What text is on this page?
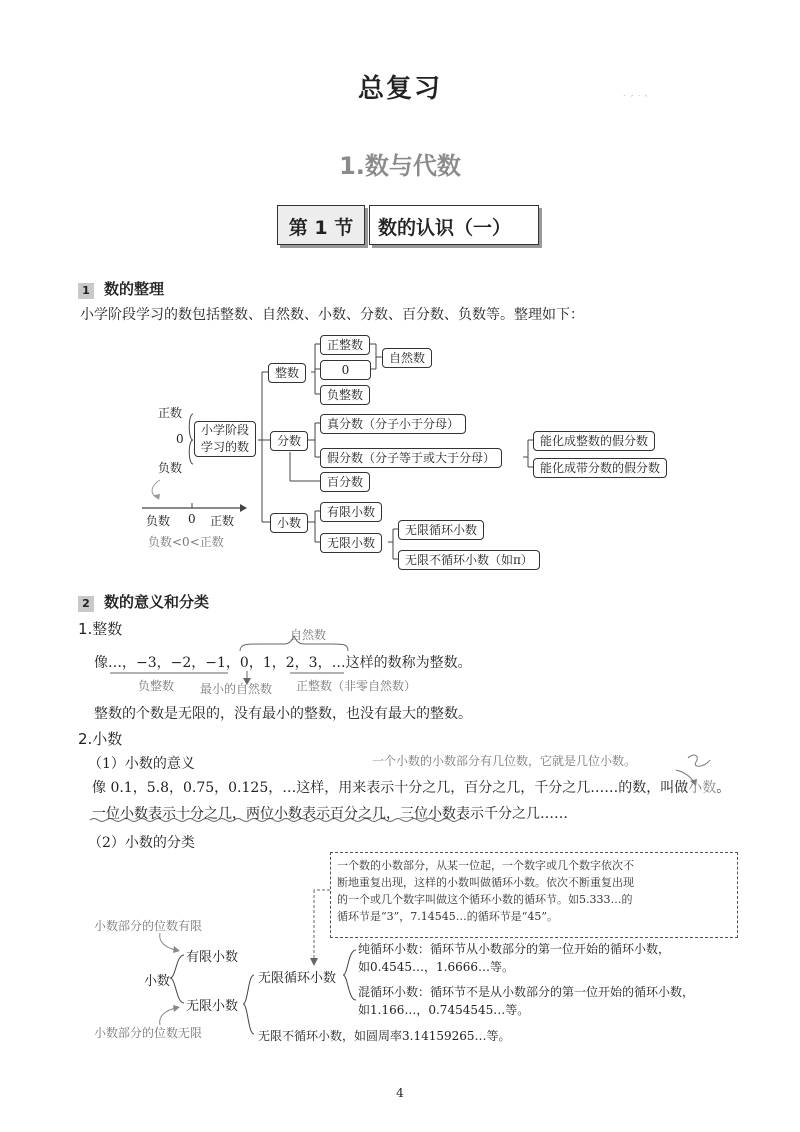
总复习	˙ ˊ ˙ ˋ
1.数与代数
第 1 节	数的认识（一）
1 数的整理
小学阶段学习的数包括整数、自然数、小数、分数、百分数、负数等。整理如下：
正数
0
负数
小学阶段
学习的数
整数
正整数
0
负整数
自然数
分数
真分数（分子小于分母）
假分数（分子等于或大于分母）
能化成整数的假分数
能化成带分数的假分数
百分数
小数
有限小数
无限小数
无限循环小数
无限不循环小数（如π）
负数 0 正数
负数<0<正数
2 数的意义和分类
1.整数	自然数
像…，−3，−2，−1，0，1，2，3，…这样的数称为整数。
负整数 最小的自然数 正整数（非零自然数）
整数的个数是无限的，没有最小的整数，也没有最大的整数。
2.小数
（1）小数的意义	一个小数的小数部分有几位数，它就是几位小数。
像 0.1，5.8，0.75，0.125，…这样，用来表示十分之几，百分之几，千分之几……的数，叫做小数。
一位小数表示十分之几，两位小数表示百分之几，三位小数表示千分之几……
（2）小数的分类
一个数的小数部分，从某一位起，一个数字或几个数字依次不
断地重复出现，这样的小数叫做循环小数。依次不断重复出现
的一个或几个数字叫做这个循环小数的循环节。如5.333…的
循环节是“3”，7.14545…的循环节是“45”。
小数部分的位数有限
小数
有限小数
无限小数
无限循环小数
纯循环小数：循环节从小数部分的第一位开始的循环小数，
如0.4545…，1.6666…等。
混循环小数：循环节不是从小数部分的第一位开始的循环小数，
如1.166…，0.7454545…等。
小数部分的位数无限	无限不循环小数，如圆周率3.14159265…等。
4
